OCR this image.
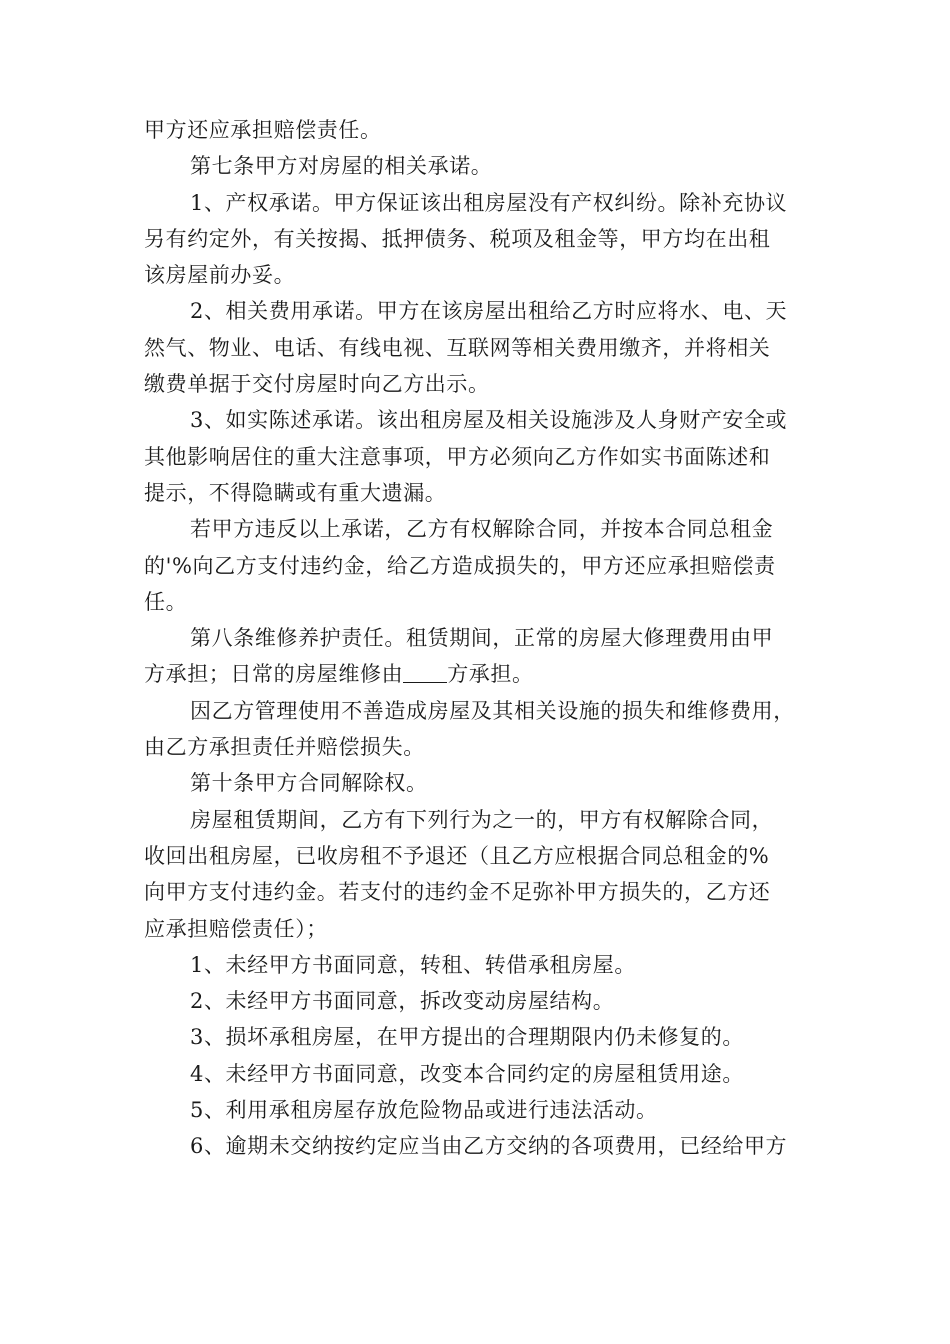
甲方还应承担赔偿责任。
第七条甲方对房屋的相关承诺。
1、产权承诺。甲方保证该出租房屋没有产权纠纷。除补充协议
另有约定外，有关按揭、抵押债务、税项及租金等，甲方均在出租
该房屋前办妥。
2、相关费用承诺。甲方在该房屋出租给乙方时应将水、电、天
然气、物业、电话、有线电视、互联网等相关费用缴齐，并将相关
缴费单据于交付房屋时向乙方出示。
3、如实陈述承诺。该出租房屋及相关设施涉及人身财产安全或
其他影响居住的重大注意事项，甲方必须向乙方作如实书面陈述和
提示，不得隐瞒或有重大遗漏。
若甲方违反以上承诺，乙方有权解除合同，并按本合同总租金
的'%向乙方支付违约金，给乙方造成损失的，甲方还应承担赔偿责
任。
第八条维修养护责任。租赁期间，正常的房屋大修理费用由甲
方承担；日常的房屋维修由 方承担。
因乙方管理使用不善造成房屋及其相关设施的损失和维修费用，
由乙方承担责任并赔偿损失。
第十条甲方合同解除权。
房屋租赁期间，乙方有下列行为之一的，甲方有权解除合同，
收回出租房屋，已收房租不予退还（且乙方应根据合同总租金的%
向甲方支付违约金。若支付的违约金不足弥补甲方损失的，乙方还
应承担赔偿责任）；
1、未经甲方书面同意，转租、转借承租房屋。
2、未经甲方书面同意，拆改变动房屋结构。
3、损坏承租房屋，在甲方提出的合理期限内仍未修复的。
4、未经甲方书面同意，改变本合同约定的房屋租赁用途。
5、利用承租房屋存放危险物品或进行违法活动。
6、逾期未交纳按约定应当由乙方交纳的各项费用，已经给甲方
